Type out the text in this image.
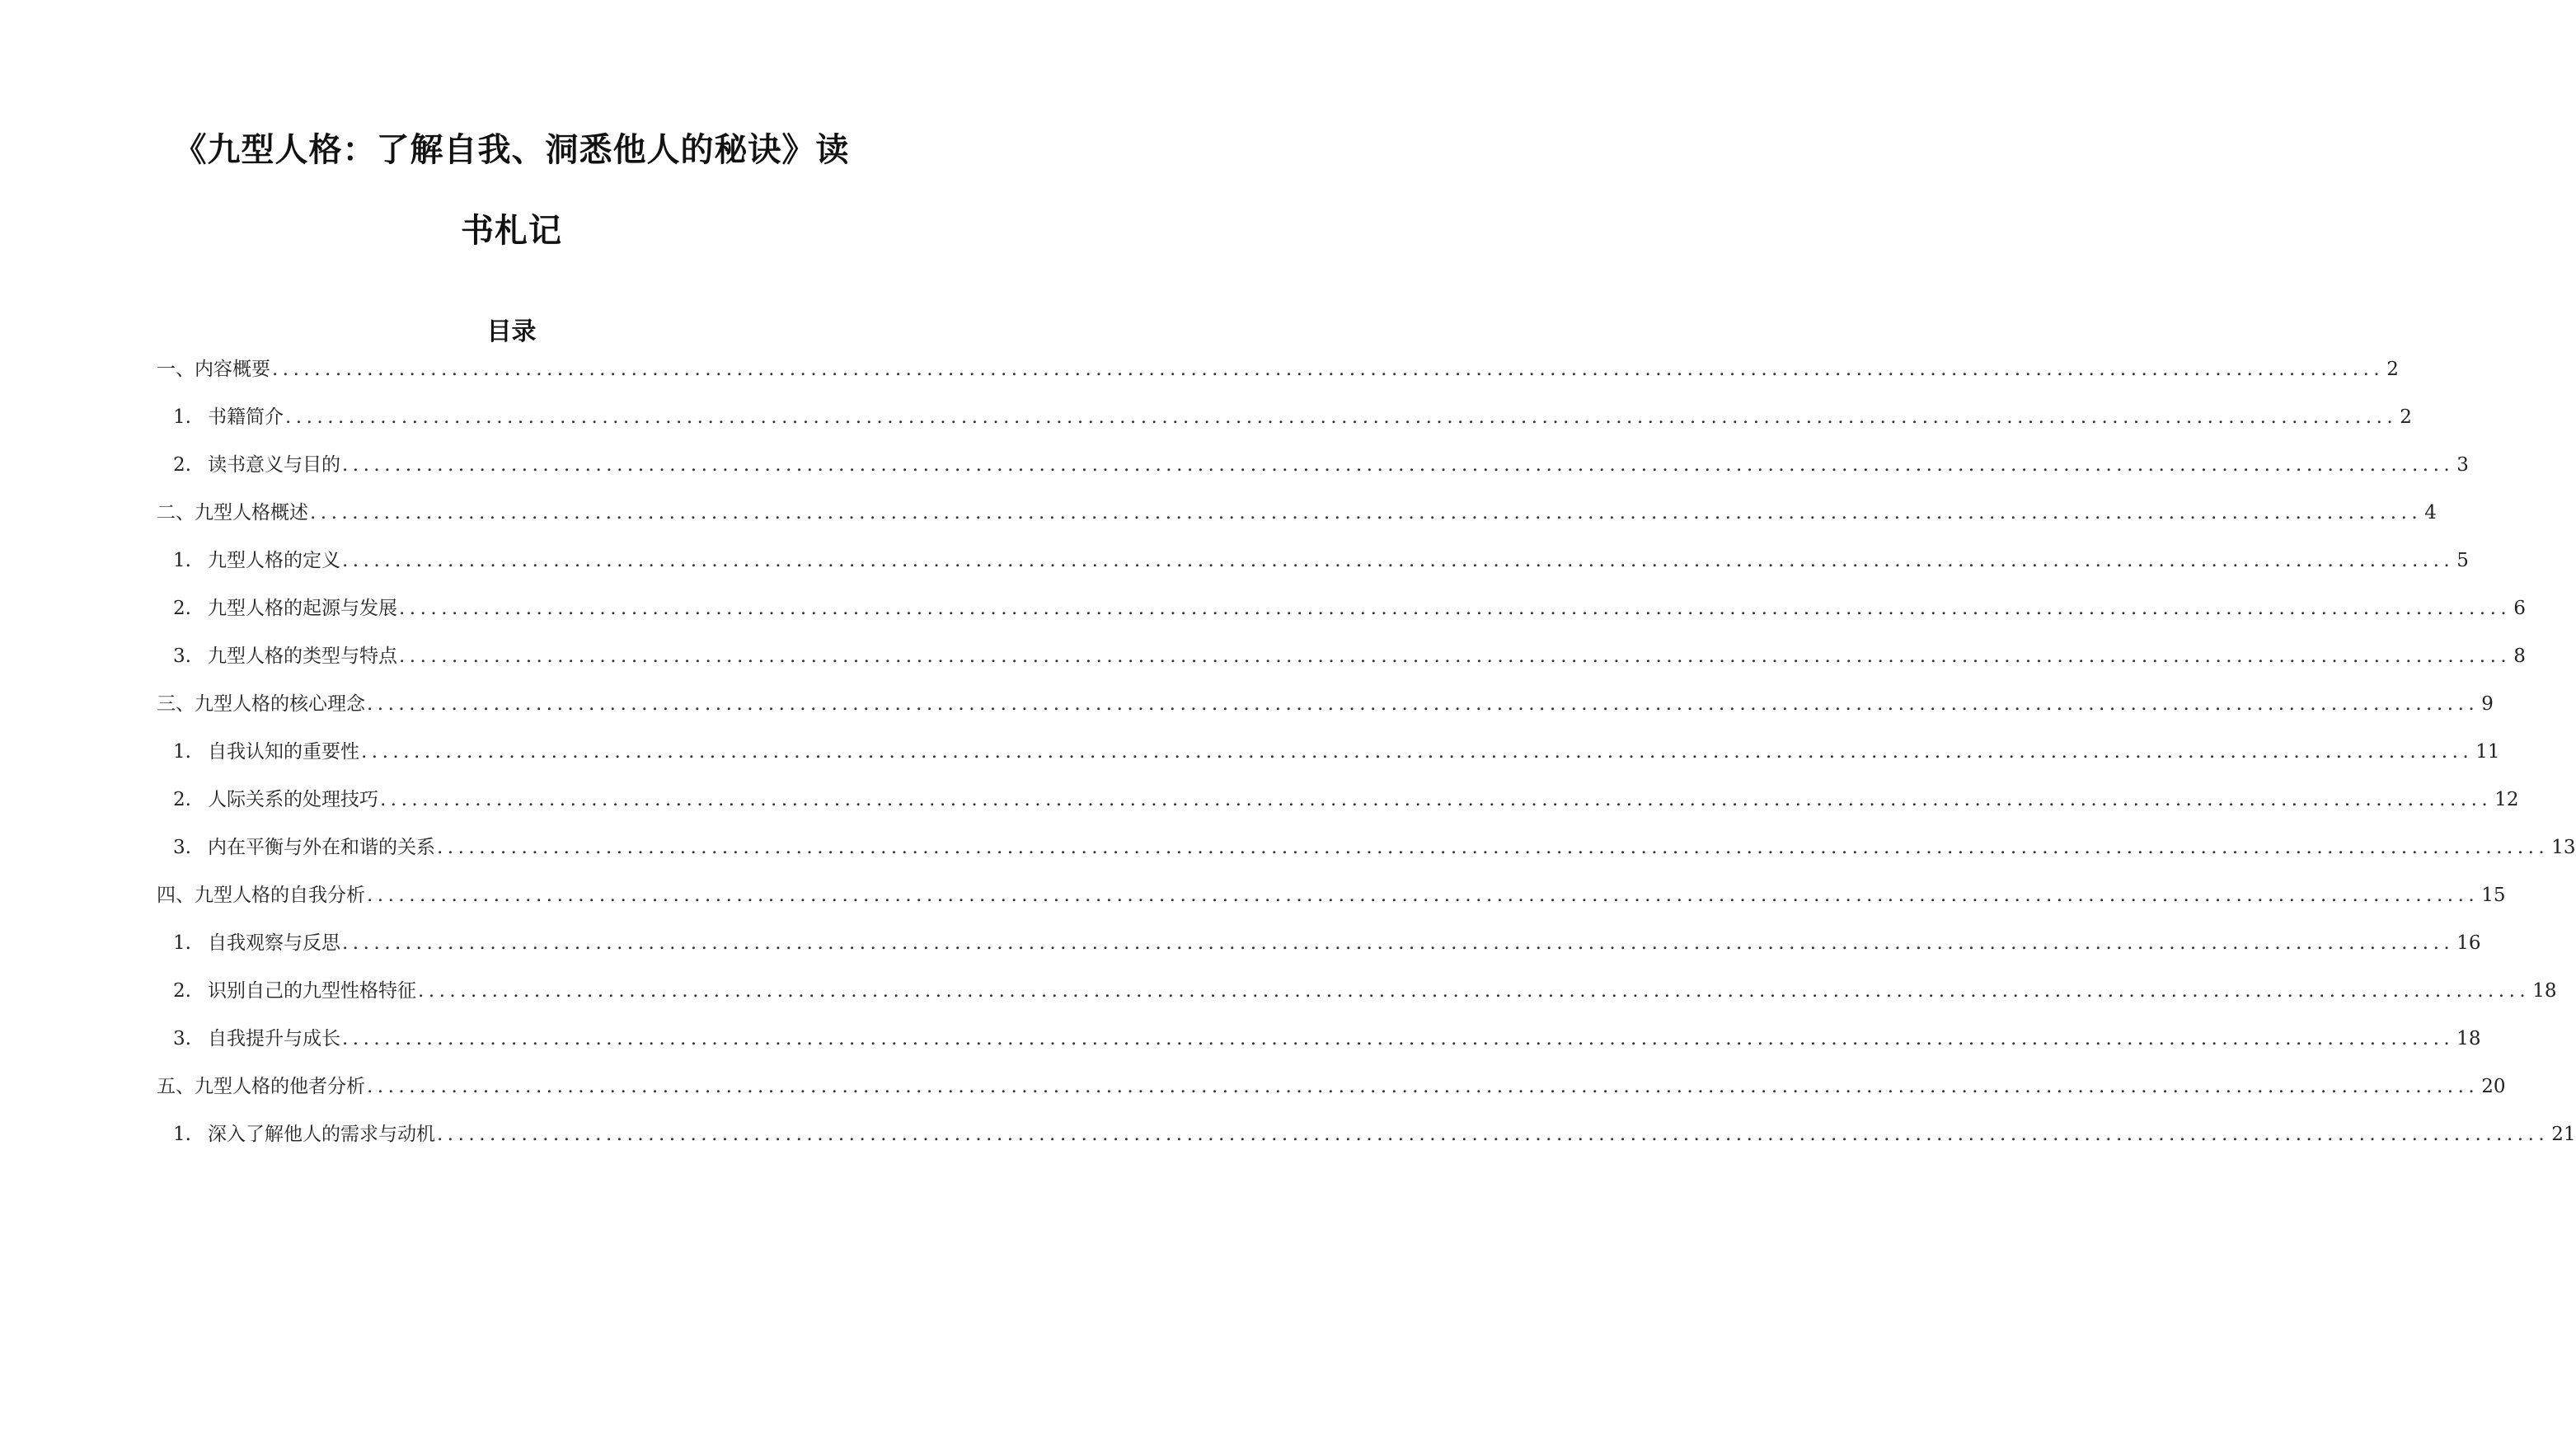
《九型人格：了解自我、洞悉他人的秘诀》读
书札记
目录
一、内容概要 ........................................................................................................................................................................................................ 2
1. 书籍简介 ........................................................................................................................................................................................................ 2
2. 读书意义与目的 ........................................................................................................................................................................................................ 3
二、九型人格概述 ........................................................................................................................................................................................................ 4
1. 九型人格的定义 ........................................................................................................................................................................................................ 5
2. 九型人格的起源与发展 ........................................................................................................................................................................................................ 6
3. 九型人格的类型与特点 ........................................................................................................................................................................................................ 8
三、九型人格的核心理念 ........................................................................................................................................................................................................ 9
1. 自我认知的重要性 ........................................................................................................................................................................................................ 11
2. 人际关系的处理技巧 ........................................................................................................................................................................................................ 12
3. 内在平衡与外在和谐的关系 ........................................................................................................................................................................................................ 13
四、九型人格的自我分析 ........................................................................................................................................................................................................ 15
1. 自我观察与反思 ........................................................................................................................................................................................................ 16
2. 识别自己的九型性格特征 ........................................................................................................................................................................................................ 18
3. 自我提升与成长 ........................................................................................................................................................................................................ 18
五、九型人格的他者分析 ........................................................................................................................................................................................................ 20
1. 深入了解他人的需求与动机 ........................................................................................................................................................................................................ 21
